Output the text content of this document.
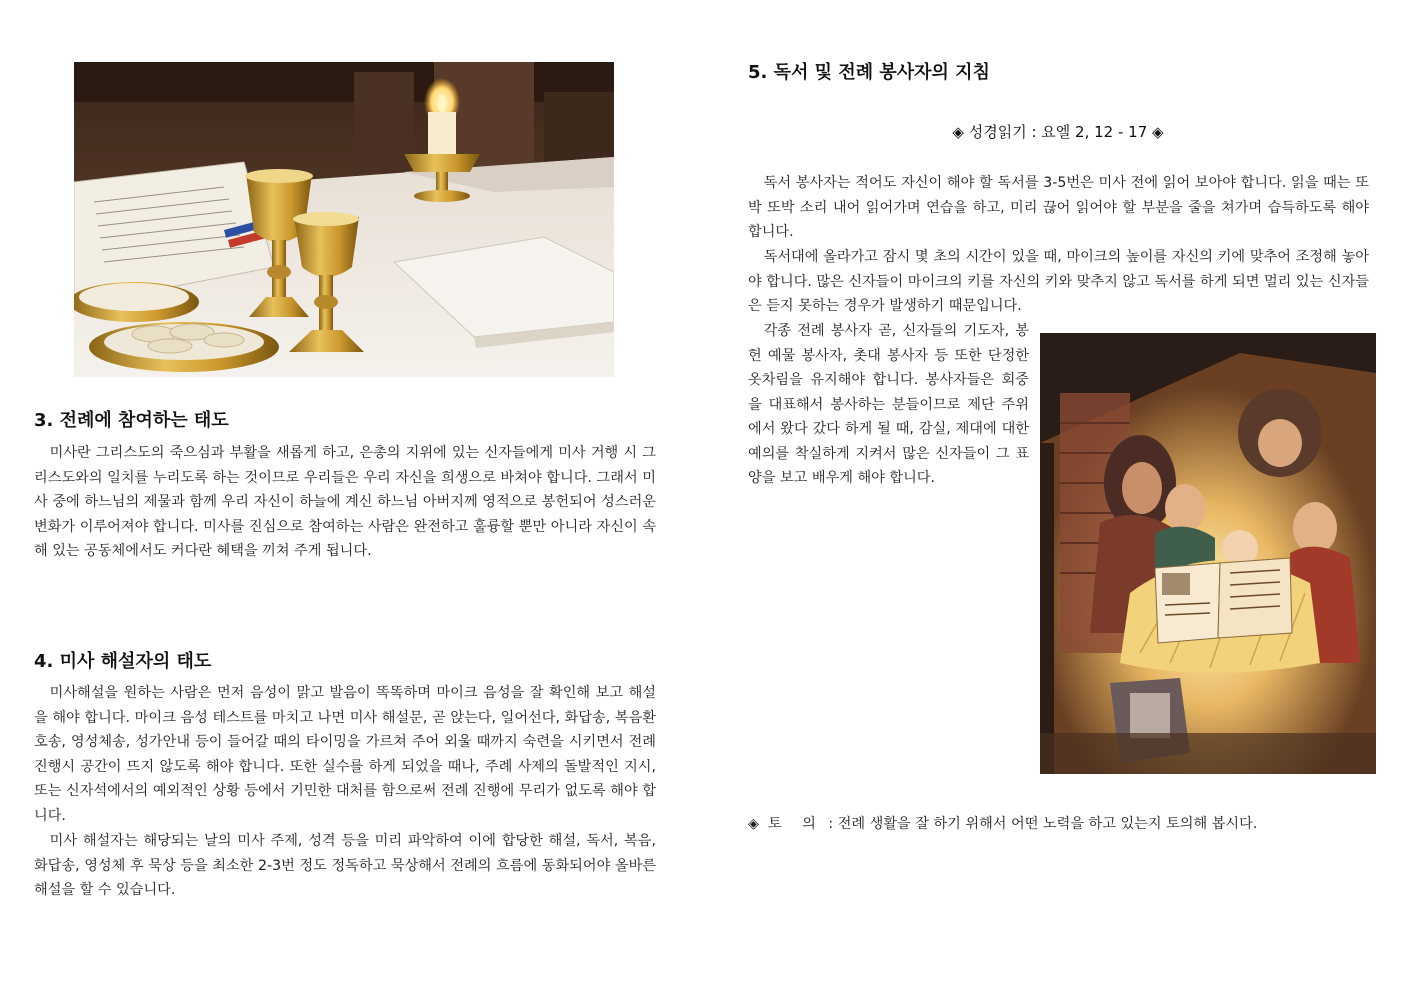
3. 전례에 참여하는 태도

미사란 그리스도의 죽으심과 부활을 새롭게 하고, 은총의 지위에 있는 신자들에게 미사 거행 시 그리스도와의 일치를 누리도록 하는 것이므로 우리들은 우리 자신을 희생으로 바쳐야 합니다. 그래서 미사 중에 하느님의 제물과 함께 우리 자신이 하늘에 계신 하느님 아버지께 영적으로 봉헌되어 성스러운 변화가 이루어져야 합니다. 미사를 진심으로 참여하는 사람은 완전하고 훌륭할 뿐만 아니라 자신이 속해 있는 공동체에서도 커다란 혜택을 끼쳐 주게 됩니다.

4. 미사 해설자의 태도

미사해설을 원하는 사람은 먼저 음성이 맑고 발음이 똑똑하며 마이크 음성을 잘 확인해 보고 해설을 해야 합니다. 마이크 음성 테스트를 마치고 나면 미사 해설문, 곧 앉는다, 일어선다, 화답송, 복음환호송, 영성체송, 성가안내 등이 들어갈 때의 타이밍을 가르쳐 주어 외울 때까지 숙련을 시키면서 전례 진행시 공간이 뜨지 않도록 해야 합니다. 또한 실수를 하게 되었을 때나, 주례 사제의 돌발적인 지시, 또는 신자석에서의 예외적인 상황 등에서 기민한 대처를 함으로써 전례 진행에 무리가 없도록 해야 합니다.

미사 해설자는 해당되는 날의 미사 주제, 성격 등을 미리 파악하여 이에 합당한 해설, 독서, 복음, 화답송, 영성체 후 묵상 등을 최소한 2-3번 정도 정독하고 묵상해서 전례의 흐름에 동화되어야 올바른 해설을 할 수 있습니다.

5. 독서 및 전례 봉사자의 지침
◈ 성경읽기 : 요엘 2, 12 - 17 ◈

독서 봉사자는 적어도 자신이 해야 할 독서를 3-5번은 미사 전에 읽어 보아야 합니다. 읽을 때는 또박 또박 소리 내어 읽어가며 연습을 하고, 미리 끊어 읽어야 할 부분을 줄을 쳐가며 습득하도록 해야 합니다.

독서대에 올라가고 잠시 몇 초의 시간이 있을 때, 마이크의 높이를 자신의 키에 맞추어 조정해 놓아야 합니다. 많은 신자들이 마이크의 키를 자신의 키와 맞추지 않고 독서를 하게 되면 멀리 있는 신자들은 듣지 못하는 경우가 발생하기 때문입니다.

각종 전례 봉사자 곧, 신자들의 기도자, 봉헌 예물 봉사자, 촛대 봉사자 등 또한 단정한 옷차림을 유지해야 합니다. 봉사자들은 회중을 대표해서 봉사하는 분들이므로 제단 주위에서 왔다 갔다 하게 될 때, 감실, 제대에 대한 예의를 착실하게 지켜서 많은 신자들이 그 표양을 보고 배우게 해야 합니다.

◈ 토 의 : 전례 생활을 잘 하기 위해서 어떤 노력을 하고 있는지 토의해 봅시다.
